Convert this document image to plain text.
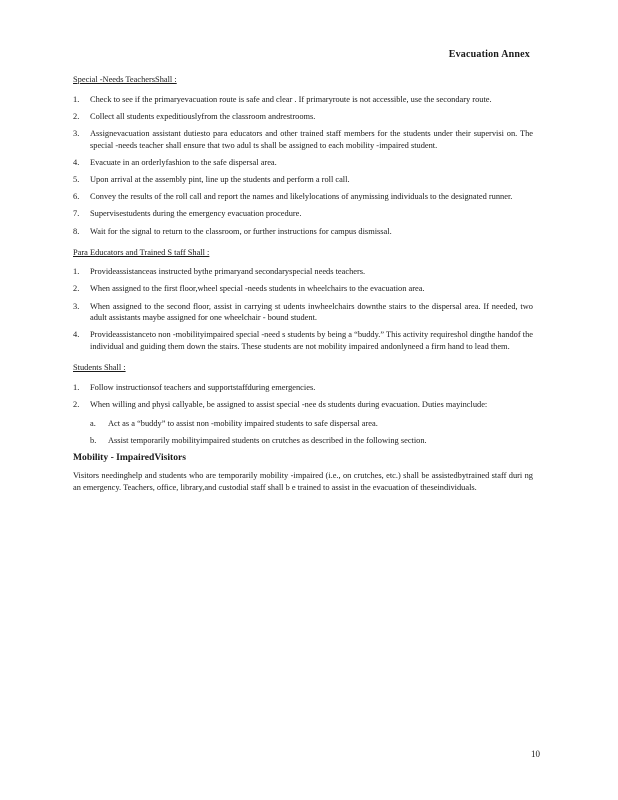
Evacuation Annex
Special -Needs TeachersShall :
1. Check to see if the primaryevacuation route is safe and clear . If primaryroute is not accessible, use the secondary route.
2. Collect all students expeditiouslyfrom the classroom andrestrooms.
3. Assignevacuation assistant dutiesto para educators and other trained staff members for the students under their supervisi on. The special -needs teacher shall ensure that two adul ts shall be assigned to each mobility -impaired student.
4. Evacuate in an orderlyfashion to the safe dispersal area.
5. Upon arrival at the assembly pint, line up the students and perform a roll call.
6. Convey the results of the roll call and report the names and likelylocations of anymissing individuals to the designated runner.
7. Supervisestudents during the emergency evacuation procedure.
8. Wait for the signal to return to the classroom, or further instructions for campus dismissal.
Para Educators and Trained S taff Shall :
1. Provideassistanceas instructed bythe primaryand secondaryspecial needs teachers.
2. When assigned to the first floor,wheel special -needs students in wheelchairs to the evacuation area.
3. When assigned to the second floor, assist in carrying st udents inwheelchairs downthe stairs to the dispersal area. If needed, two adult assistants maybe assigned for one wheelchair - bound student.
4. Provideassistanceto non -mobilityimpaired special -need s students by being a “buddy.” This activity requireshol dingthe handof the individual and guiding them down the stairs. These students are not mobility impaired andonlyneed a firm hand to lead them.
Students Shall :
1. Follow instructionsof teachers and supportstaffduring emergencies.
2. When willing and physi callyable, be assigned to assist special -nee ds students during evacuation. Duties mayinclude:
a. Act as a “buddy” to assist non -mobility impaired students to safe dispersal area.
b. Assist temporarily mobilityimpaired students on crutches as described in the following section.
Mobility - ImpairedVisitors
Visitors needinghelp and students who are temporarily mobility -impaired (i.e., on crutches, etc.) shall be assistedbytrained staff duri ng an emergency. Teachers, office, library,and custodial staff shall b e trained to assist in the evacuation of theseindividuals.
10
